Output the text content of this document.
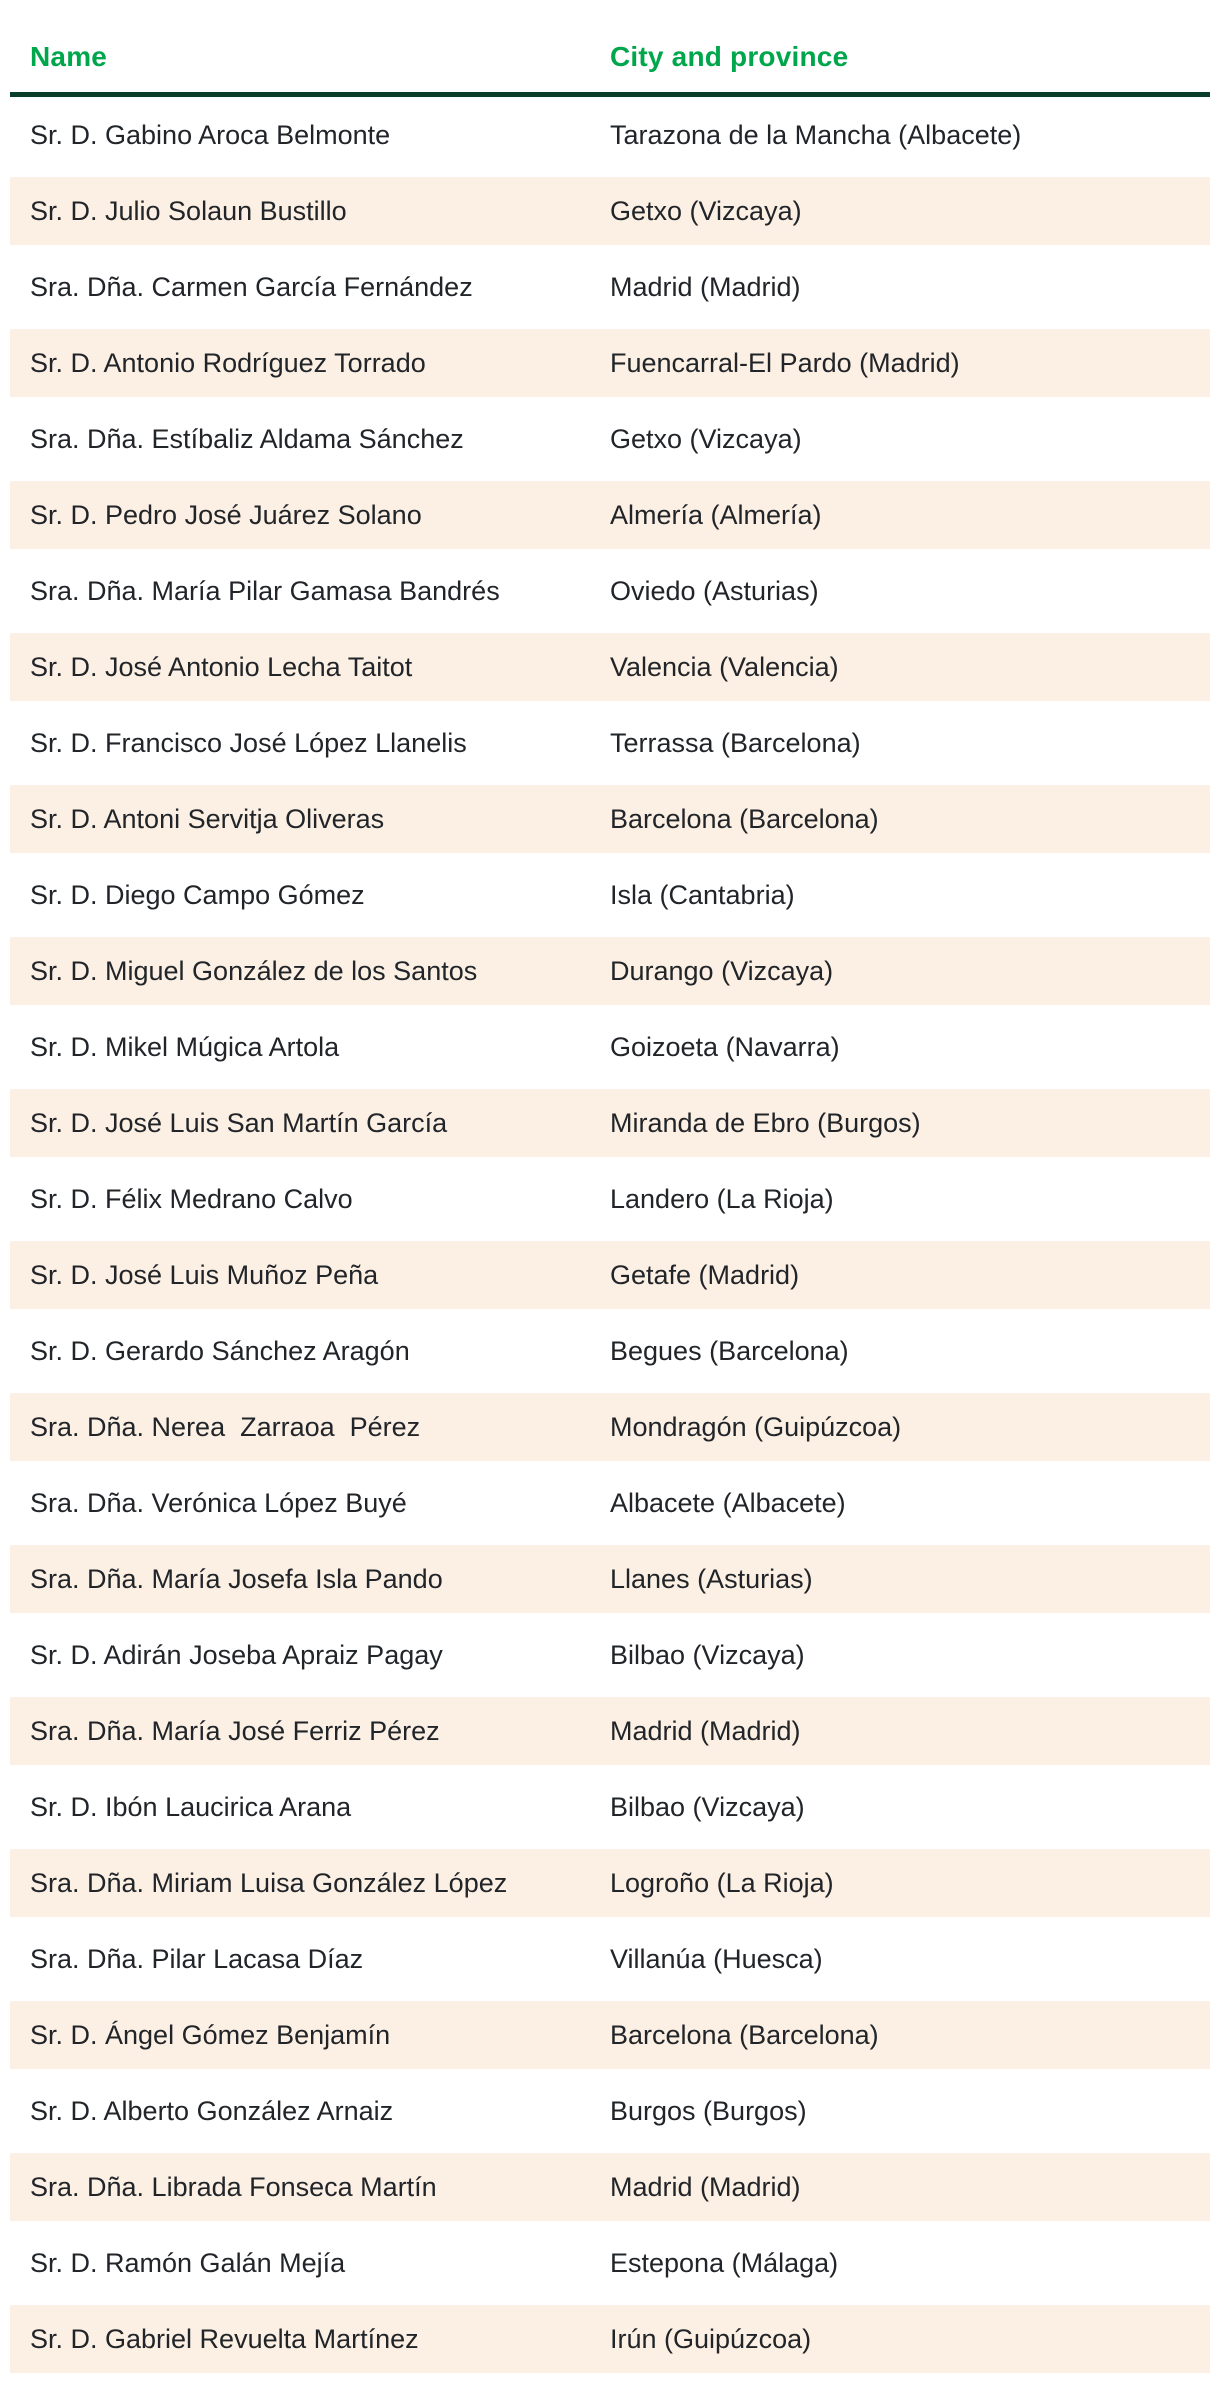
Name	City and province
Sr. D. Gabino Aroca Belmonte	Tarazona de la Mancha (Albacete)
Sr. D. Julio Solaun Bustillo	Getxo (Vizcaya)
Sra. Dña. Carmen García Fernández	Madrid (Madrid)
Sr. D. Antonio Rodríguez Torrado	Fuencarral-El Pardo (Madrid)
Sra. Dña. Estíbaliz Aldama Sánchez	Getxo (Vizcaya)
Sr. D. Pedro José Juárez Solano	Almería (Almería)
Sra. Dña. María Pilar Gamasa Bandrés	Oviedo (Asturias)
Sr. D. José Antonio Lecha Taitot	Valencia (Valencia)
Sr. D. Francisco José López Llanelis	Terrassa (Barcelona)
Sr. D. Antoni Servitja Oliveras	Barcelona (Barcelona)
Sr. D. Diego Campo Gómez	Isla (Cantabria)
Sr. D. Miguel González de los Santos	Durango (Vizcaya)
Sr. D. Mikel Múgica Artola	Goizoeta (Navarra)
Sr. D. José Luis San Martín García	Miranda de Ebro (Burgos)
Sr. D. Félix Medrano Calvo	Landero (La Rioja)
Sr. D. José Luis Muñoz Peña	Getafe (Madrid)
Sr. D. Gerardo Sánchez Aragón	Begues (Barcelona)
Sra. Dña. Nerea  Zarraoa  Pérez	Mondragón (Guipúzcoa)
Sra. Dña. Verónica López Buyé	Albacete (Albacete)
Sra. Dña. María Josefa Isla Pando	Llanes (Asturias)
Sr. D. Adirán Joseba Apraiz Pagay	Bilbao (Vizcaya)
Sra. Dña. María José Ferriz Pérez	Madrid (Madrid)
Sr. D. Ibón Laucirica Arana	Bilbao (Vizcaya)
Sra. Dña. Miriam Luisa González López	Logroño (La Rioja)
Sra. Dña. Pilar Lacasa Díaz	Villanúa (Huesca)
Sr. D. Ángel Gómez Benjamín	Barcelona (Barcelona)
Sr. D. Alberto González Arnaiz	Burgos (Burgos)
Sra. Dña. Librada Fonseca Martín	Madrid (Madrid)
Sr. D. Ramón Galán Mejía	Estepona (Málaga)
Sr. D. Gabriel Revuelta Martínez	Irún (Guipúzcoa)
